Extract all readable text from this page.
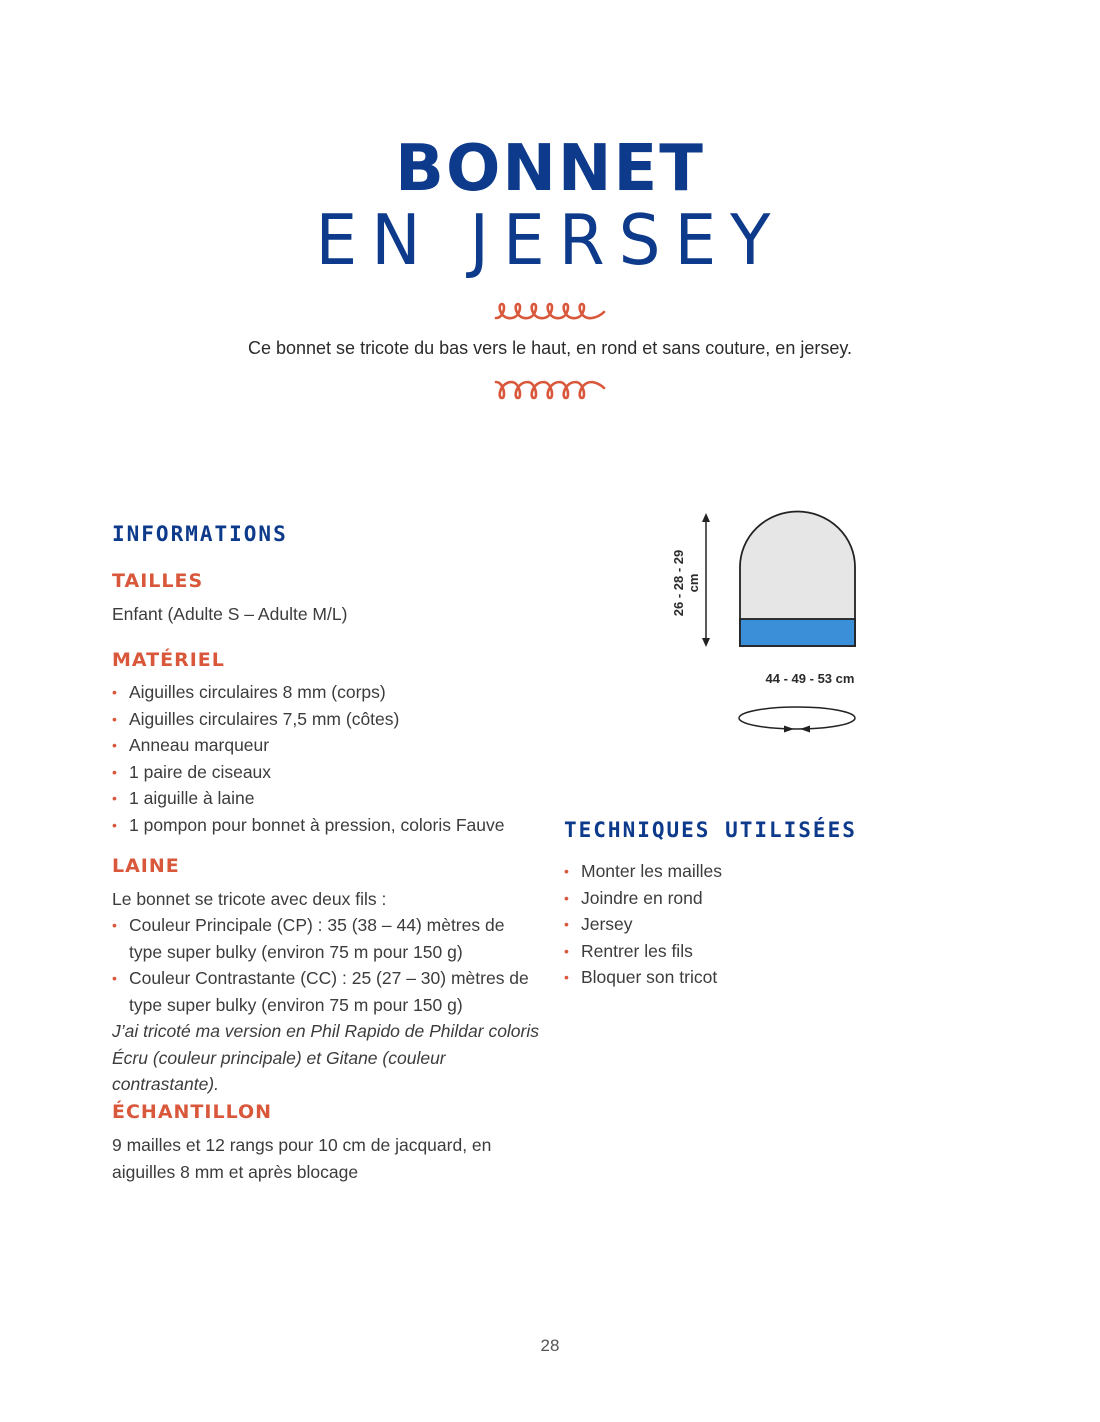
BONNET
EN JERSEY
Ce bonnet se tricote du bas vers le haut, en rond et sans couture, en jersey.
INFORMATIONS
TAILLES
Enfant (Adulte S – Adulte M/L)
MATÉRIEL
• Aiguilles circulaires 8 mm (corps)
• Aiguilles circulaires 7,5 mm (côtes)
• Anneau marqueur
• 1 paire de ciseaux
• 1 aiguille à laine
• 1 pompon pour bonnet à pression, coloris Fauve
LAINE
Le bonnet se tricote avec deux fils :
• Couleur Principale (CP) : 35 (38 – 44) mètres de type super bulky (environ 75 m pour 150 g)
• Couleur Contrastante (CC) : 25 (27 – 30) mètres de type super bulky (environ 75 m pour 150 g)
J’ai tricoté ma version en Phil Rapido de Phildar coloris Écru (couleur principale) et Gitane (couleur contrastante).
ÉCHANTILLON
9 mailles et 12 rangs pour 10 cm de jacquard, en aiguilles 8 mm et après blocage
26 - 28 - 29 cm
44 - 49 - 53 cm
TECHNIQUES UTILISÉES
• Monter les mailles
• Joindre en rond
• Jersey
• Rentrer les fils
• Bloquer son tricot
28
